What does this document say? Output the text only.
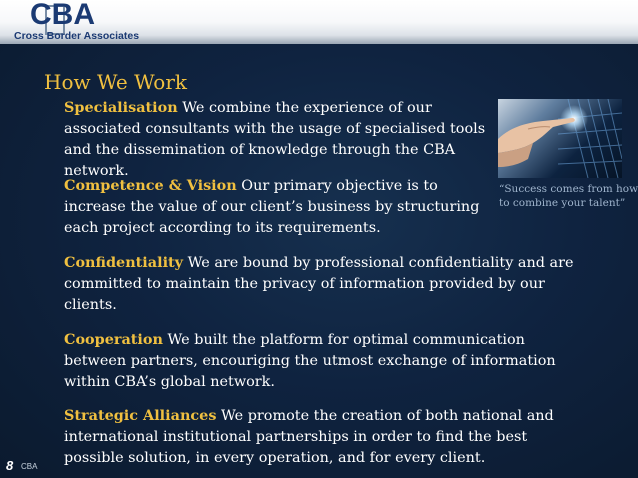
CBA
Cross Border Associates
How We Work
Specialisation We combine the experience of our associated consultants with the usage of specialised tools and the dissemination of knowledge through the CBA network.
Competence & Vision Our primary objective is to increase the value of our client’s business by structuring each project according to its requirements.
Confidentiality We are bound by professional confidentiality and are committed to maintain the privacy of information provided by our clients.
Cooperation We built the platform for optimal communication between partners, encouriging the utmost exchange of information within CBA’s global network.
Strategic Alliances We promote the creation of both national and international institutional partnerships in order to find the best possible solution, in every operation, and for every client.
“Success comes from how to combine your talent”
8 CBA
